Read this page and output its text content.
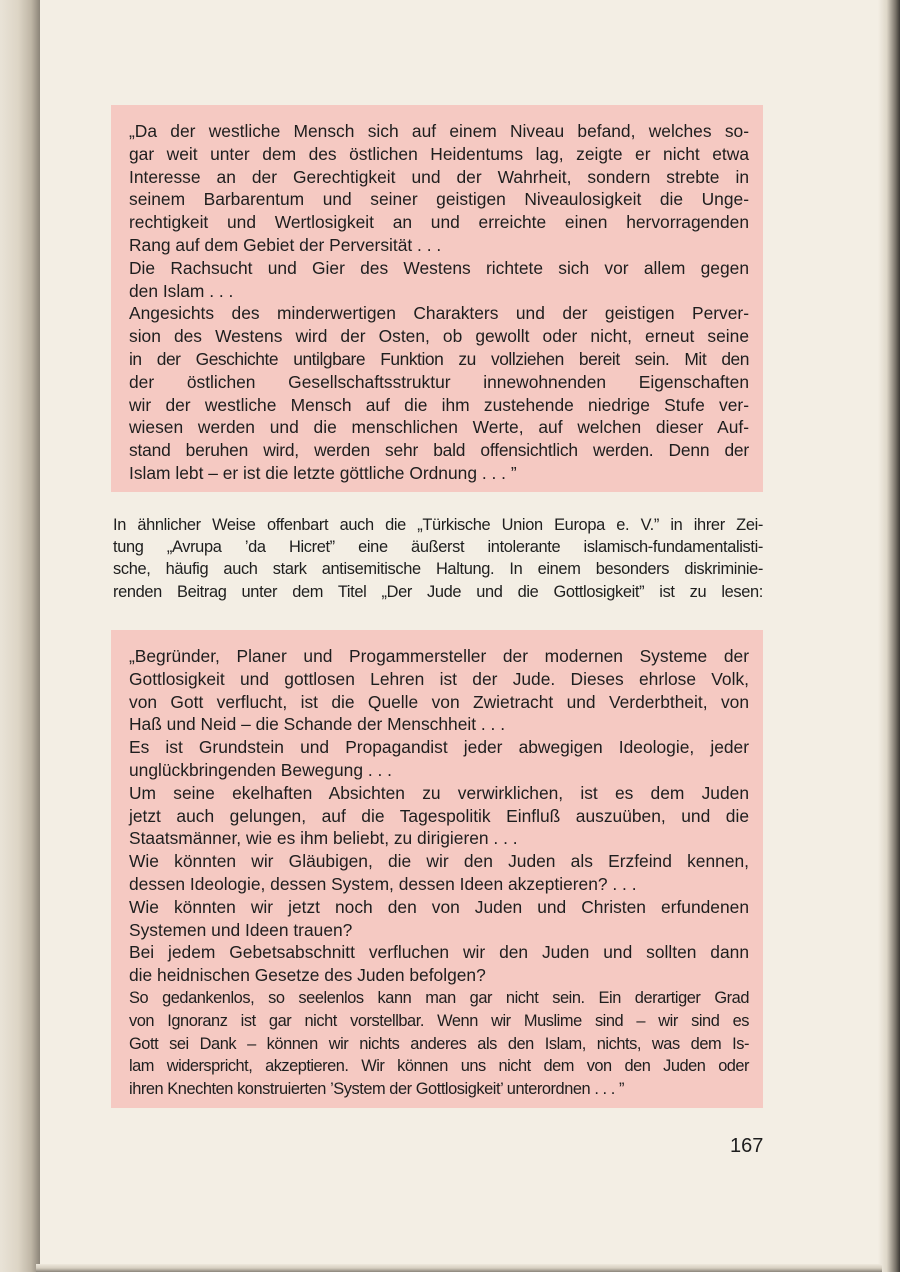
„Da der westliche Mensch sich auf einem Niveau befand, welches so-
gar weit unter dem des östlichen Heidentums lag, zeigte er nicht etwa
Interesse an der Gerechtigkeit und der Wahrheit, sondern strebte in
seinem Barbarentum und seiner geistigen Niveaulosigkeit die Unge-
rechtigkeit und Wertlosigkeit an und erreichte einen hervorragenden
Rang auf dem Gebiet der Perversität . . .
Die Rachsucht und Gier des Westens richtete sich vor allem gegen
den Islam . . .
Angesichts des minderwertigen Charakters und der geistigen Perver-
sion des Westens wird der Osten, ob gewollt oder nicht, erneut seine
in der Geschichte untilgbare Funktion zu vollziehen bereit sein. Mit den
der östlichen Gesellschaftsstruktur innewohnenden Eigenschaften
wir der westliche Mensch auf die ihm zustehende niedrige Stufe ver-
wiesen werden und die menschlichen Werte, auf welchen dieser Auf-
stand beruhen wird, werden sehr bald offensichtlich werden. Denn der
Islam lebt – er ist die letzte göttliche Ordnung . . . ”
In ähnlicher Weise offenbart auch die „Türkische Union Europa e. V.” in ihrer Zei-
tung „Avrupa ’da Hicret” eine äußerst intolerante islamisch-fundamentalisti-
sche, häufig auch stark antisemitische Haltung. In einem besonders diskriminie-
renden Beitrag unter dem Titel „Der Jude und die Gottlosigkeit” ist zu lesen:
„Begründer, Planer und Progammersteller der modernen Systeme der
Gottlosigkeit und gottlosen Lehren ist der Jude. Dieses ehrlose Volk,
von Gott verflucht, ist die Quelle von Zwietracht und Verderbtheit, von
Haß und Neid – die Schande der Menschheit . . .
Es ist Grundstein und Propagandist jeder abwegigen Ideologie, jeder
unglückbringenden Bewegung . . .
Um seine ekelhaften Absichten zu verwirklichen, ist es dem Juden
jetzt auch gelungen, auf die Tagespolitik Einfluß auszuüben, und die
Staatsmänner, wie es ihm beliebt, zu dirigieren . . .
Wie könnten wir Gläubigen, die wir den Juden als Erzfeind kennen,
dessen Ideologie, dessen System, dessen Ideen akzeptieren? . . .
Wie könnten wir jetzt noch den von Juden und Christen erfundenen
Systemen und Ideen trauen?
Bei jedem Gebetsabschnitt verfluchen wir den Juden und sollten dann
die heidnischen Gesetze des Juden befolgen?
So gedankenlos, so seelenlos kann man gar nicht sein. Ein derartiger Grad
von Ignoranz ist gar nicht vorstellbar. Wenn wir Muslime sind – wir sind es
Gott sei Dank – können wir nichts anderes als den Islam, nichts, was dem Is-
lam widerspricht, akzeptieren. Wir können uns nicht dem von den Juden oder
ihren Knechten konstruierten ’System der Gottlosigkeit’ unterordnen . . . ”
167
